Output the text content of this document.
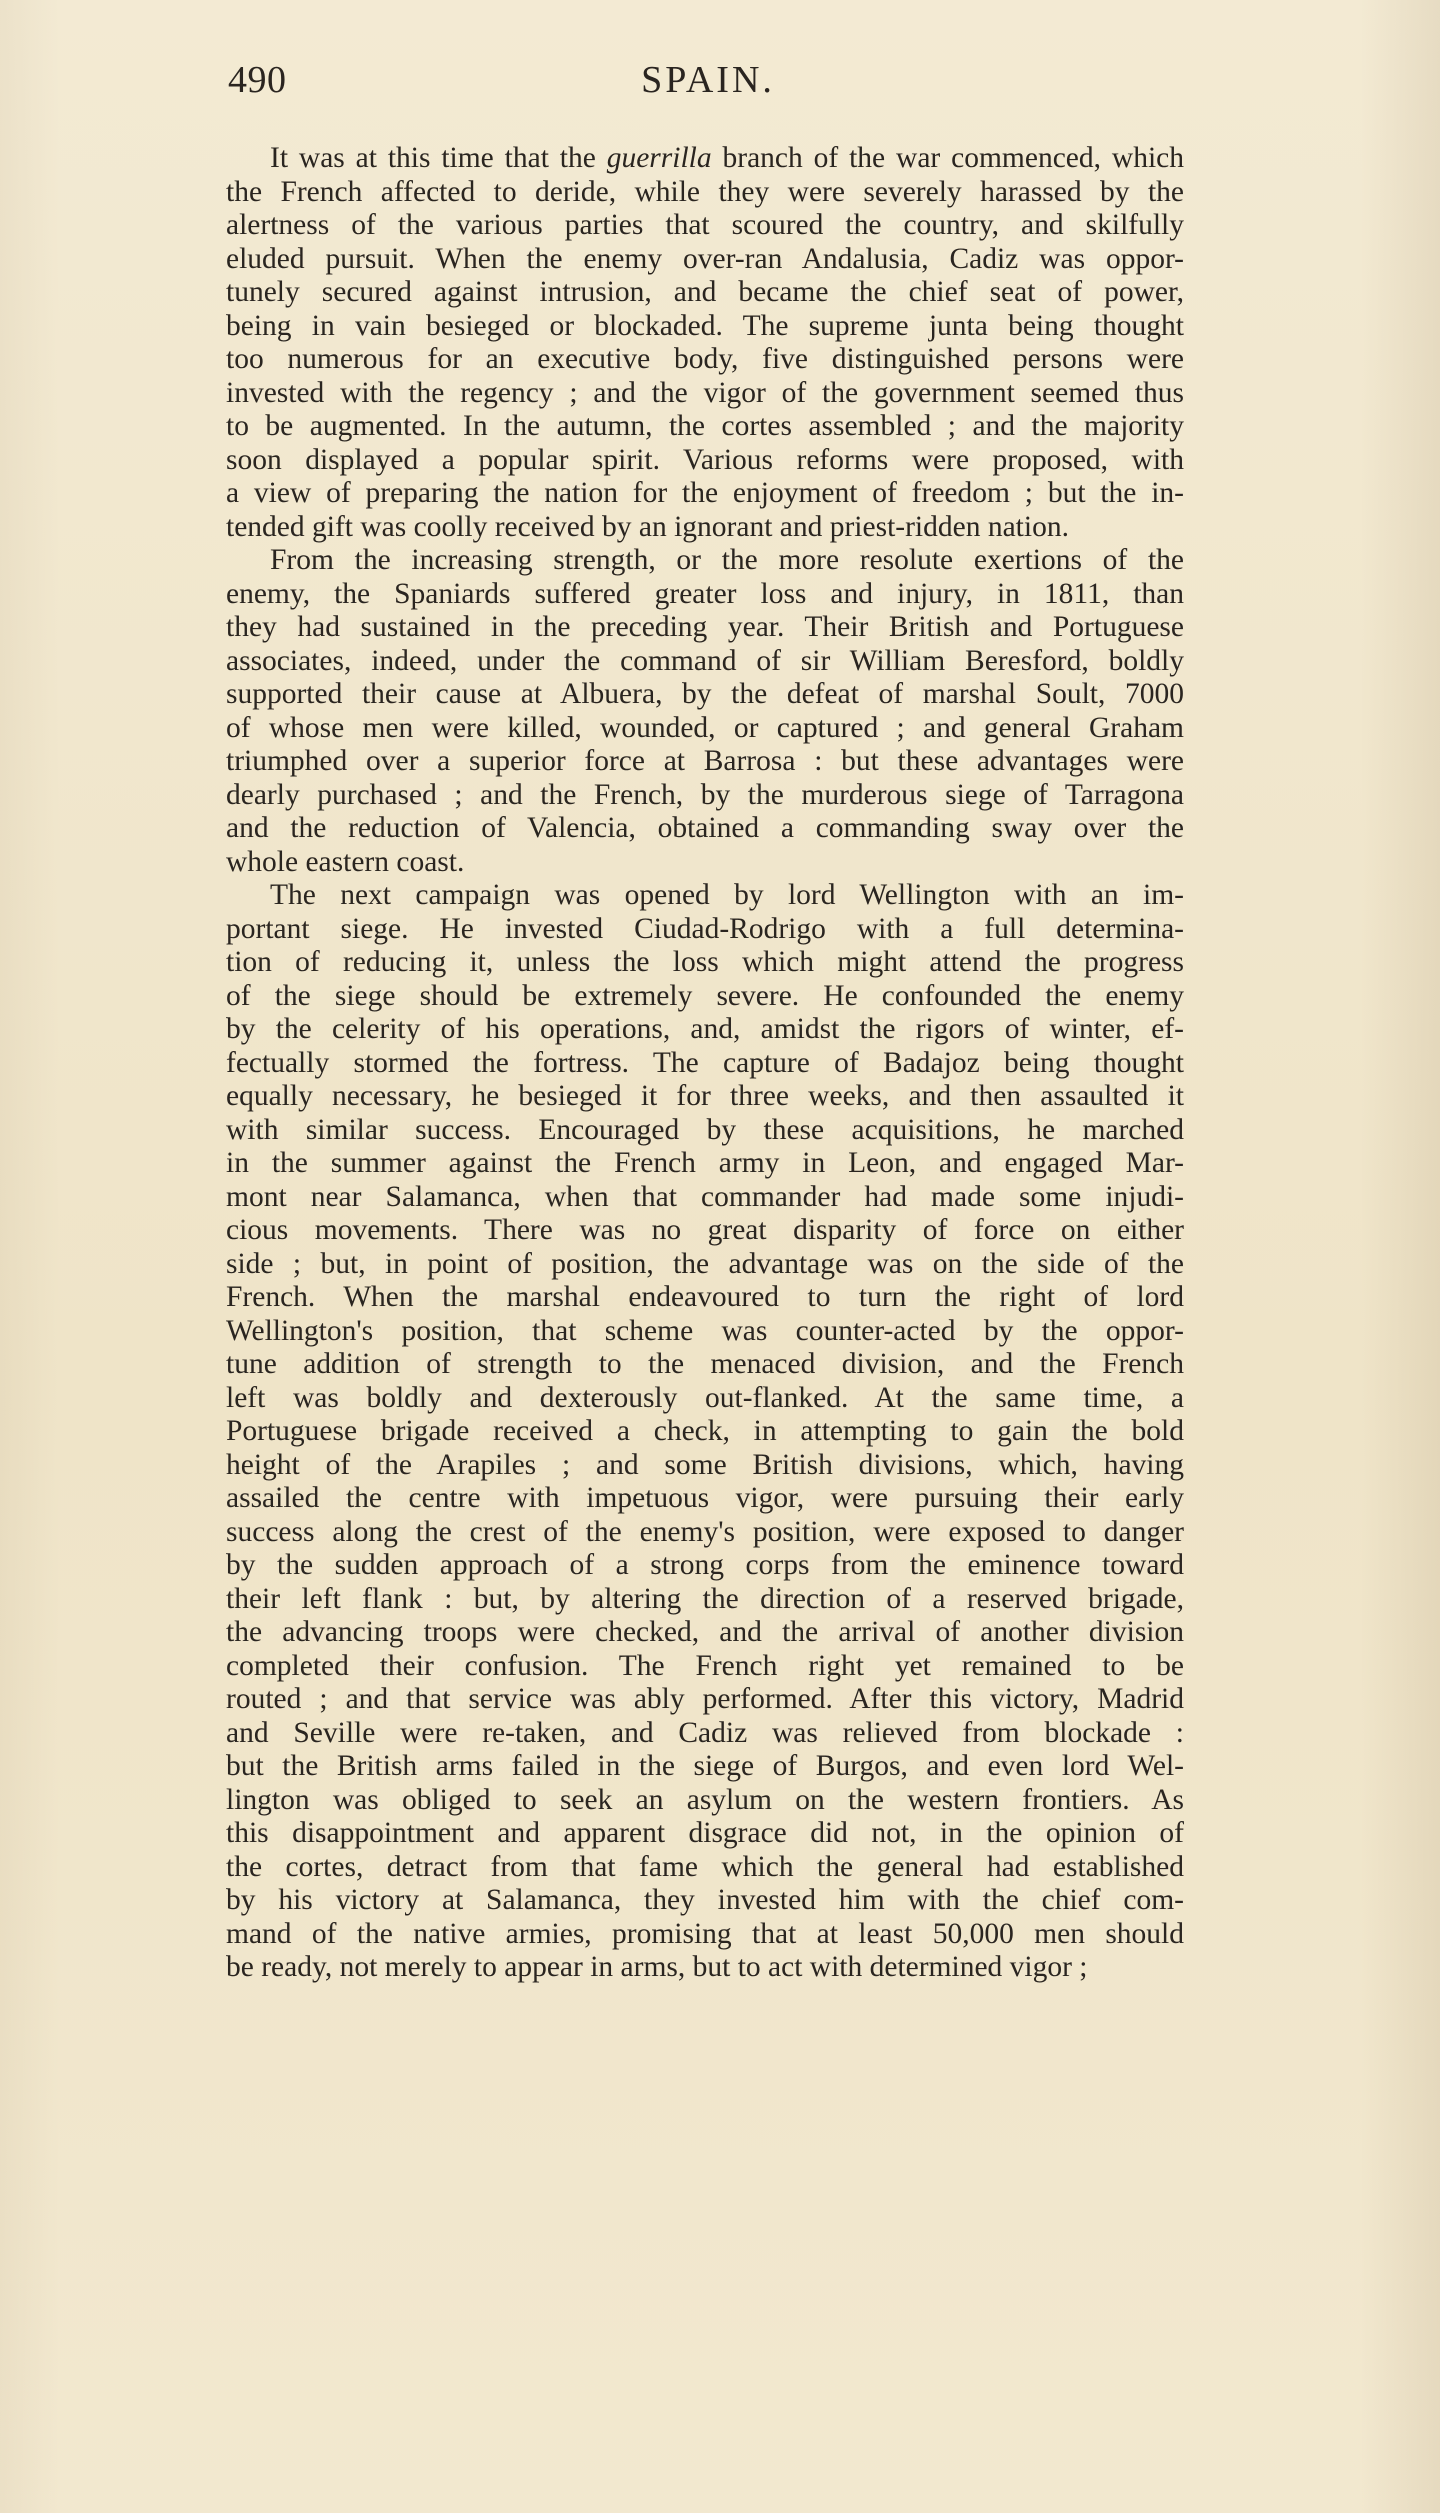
490	SPAIN.
It was at this time that the guerrilla branch of the war commenced, which
the French affected to deride, while they were severely harassed by the
alertness of the various parties that scoured the country, and skilfully
eluded pursuit. When the enemy over-ran Andalusia, Cadiz was oppor-
tunely secured against intrusion, and became the chief seat of power,
being in vain besieged or blockaded. The supreme junta being thought
too numerous for an executive body, five distinguished persons were
invested with the regency ; and the vigor of the government seemed thus
to be augmented. In the autumn, the cortes assembled ; and the majority
soon displayed a popular spirit. Various reforms were proposed, with
a view of preparing the nation for the enjoyment of freedom ; but the in-
tended gift was coolly received by an ignorant and priest-ridden nation.
From the increasing strength, or the more resolute exertions of the
enemy, the Spaniards suffered greater loss and injury, in 1811, than
they had sustained in the preceding year. Their British and Portuguese
associates, indeed, under the command of sir William Beresford, boldly
supported their cause at Albuera, by the defeat of marshal Soult, 7000
of whose men were killed, wounded, or captured ; and general Graham
triumphed over a superior force at Barrosa : but these advantages were
dearly purchased ; and the French, by the murderous siege of Tarragona
and the reduction of Valencia, obtained a commanding sway over the
whole eastern coast.
The next campaign was opened by lord Wellington with an im-
portant siege. He invested Ciudad-Rodrigo with a full determina-
tion of reducing it, unless the loss which might attend the progress
of the siege should be extremely severe. He confounded the enemy
by the celerity of his operations, and, amidst the rigors of winter, ef-
fectually stormed the fortress. The capture of Badajoz being thought
equally necessary, he besieged it for three weeks, and then assaulted it
with similar success. Encouraged by these acquisitions, he marched
in the summer against the French army in Leon, and engaged Mar-
mont near Salamanca, when that commander had made some injudi-
cious movements. There was no great disparity of force on either
side ; but, in point of position, the advantage was on the side of the
French. When the marshal endeavoured to turn the right of lord
Wellington's position, that scheme was counter-acted by the oppor-
tune addition of strength to the menaced division, and the French
left was boldly and dexterously out-flanked. At the same time, a
Portuguese brigade received a check, in attempting to gain the bold
height of the Arapiles ; and some British divisions, which, having
assailed the centre with impetuous vigor, were pursuing their early
success along the crest of the enemy's position, were exposed to danger
by the sudden approach of a strong corps from the eminence toward
their left flank : but, by altering the direction of a reserved brigade,
the advancing troops were checked, and the arrival of another division
completed their confusion. The French right yet remained to be
routed ; and that service was ably performed. After this victory, Madrid
and Seville were re-taken, and Cadiz was relieved from blockade :
but the British arms failed in the siege of Burgos, and even lord Wel-
lington was obliged to seek an asylum on the western frontiers. As
this disappointment and apparent disgrace did not, in the opinion of
the cortes, detract from that fame which the general had established
by his victory at Salamanca, they invested him with the chief com-
mand of the native armies, promising that at least 50,000 men should
be ready, not merely to appear in arms, but to act with determined vigor ;
